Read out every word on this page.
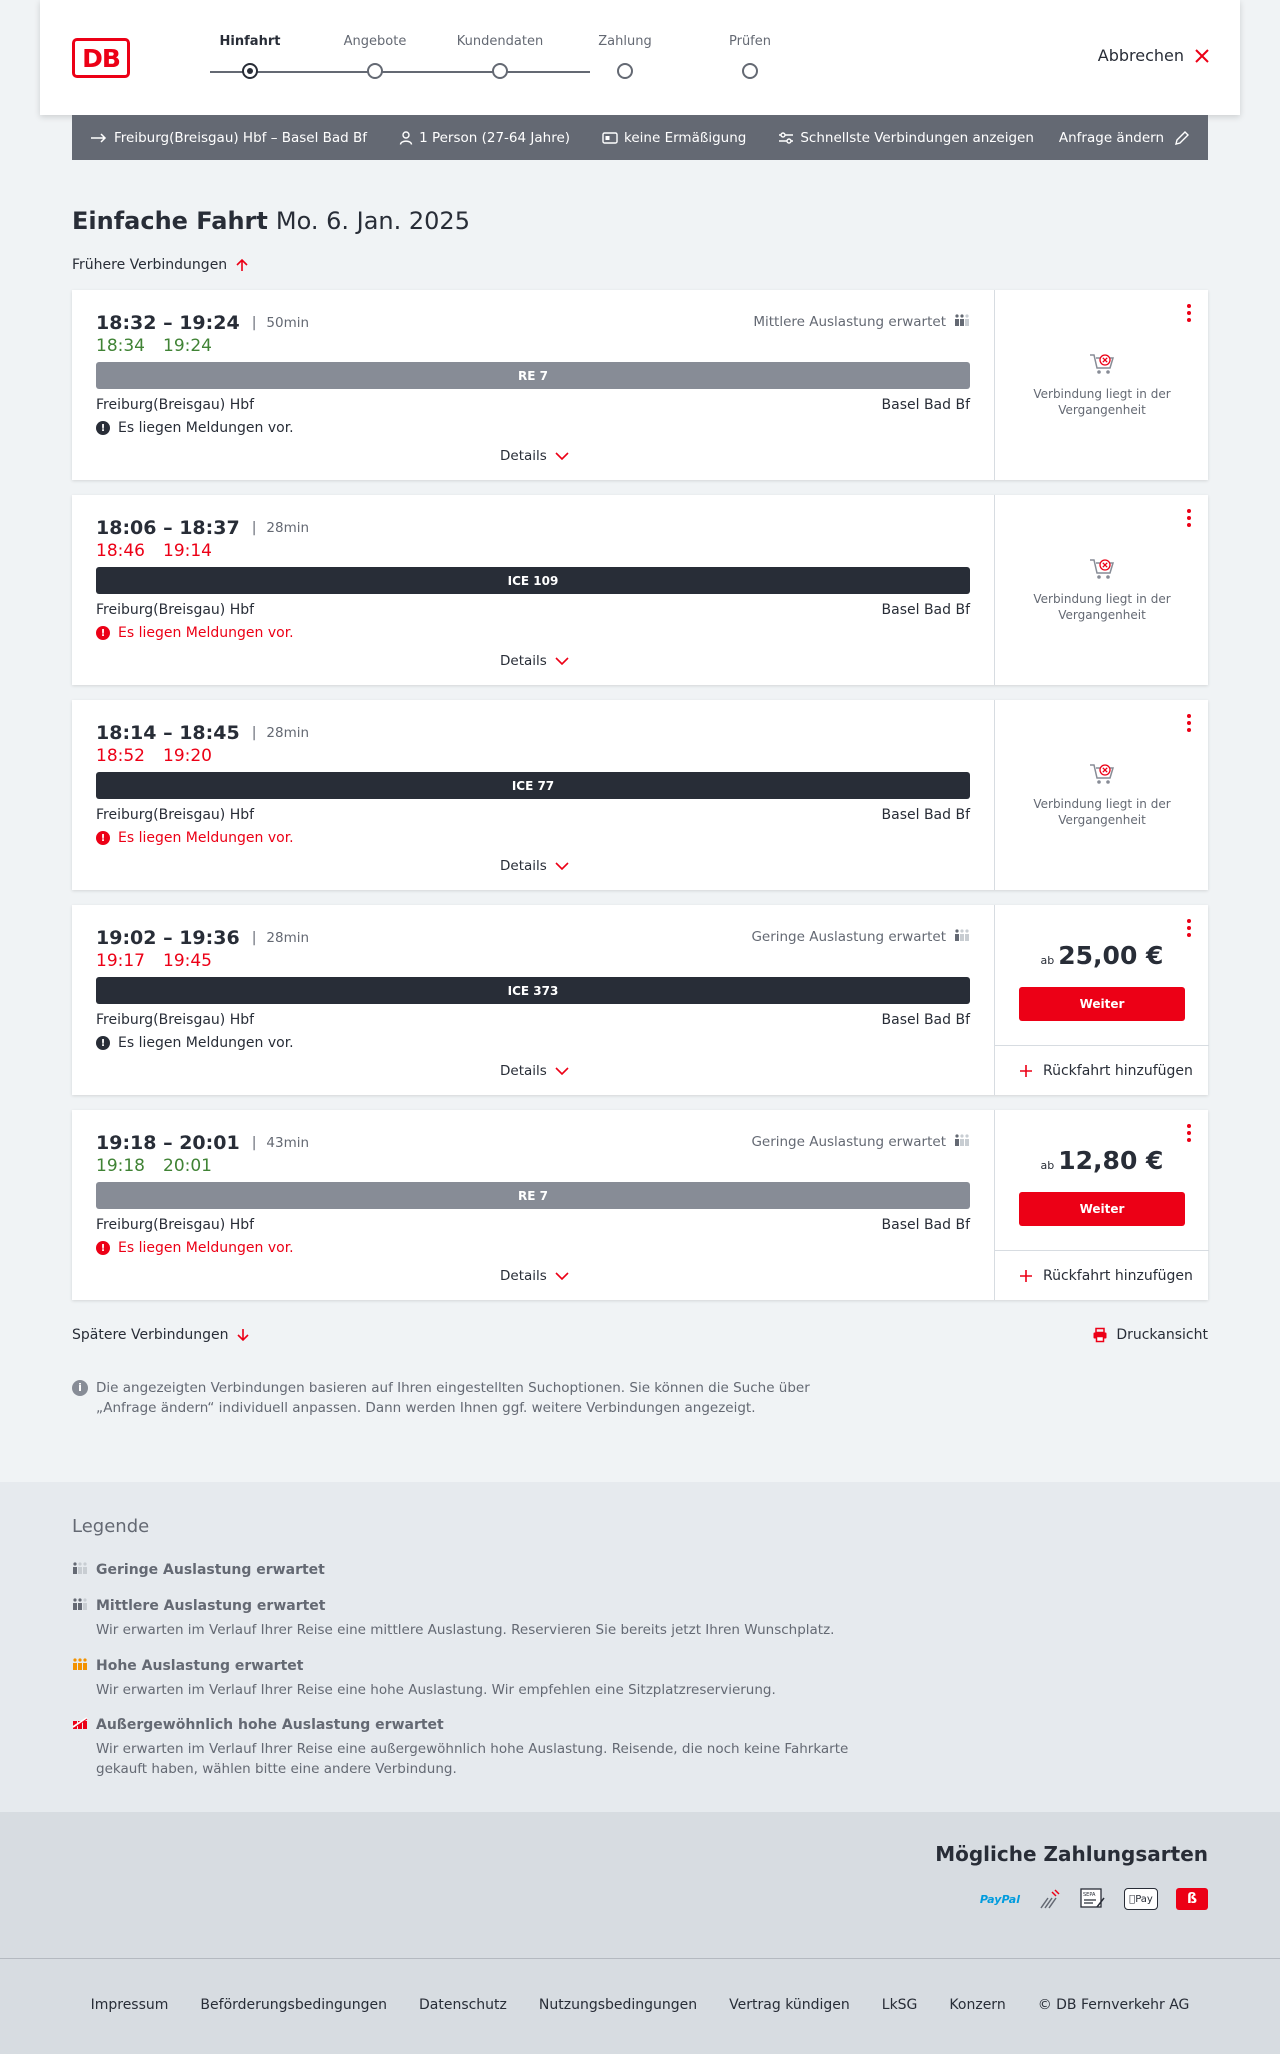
DB
Hinfahrt	Angebote	Kundendaten	Zahlung	Prüfen
Abbrechen
Freiburg(Breisgau) Hbf – Basel Bad Bf	1 Person (27-64 Jahre)	keine Ermäßigung	Schnellste Verbindungen anzeigen Anfrage ändern
Einfache Fahrt Mo. 6. Jan. 2025
Frühere Verbindungen
18:32 – 19:24 | 50min
18:34 19:24
Mittlere Auslastung erwartet
RE 7
Freiburg(Breisgau) Hbf	Basel Bad Bf
! Es liegen Meldungen vor.
Details
Verbindung liegt in der Vergangenheit
18:06 – 18:37 | 28min
18:46 19:14
ICE 109
Freiburg(Breisgau) Hbf	Basel Bad Bf
! Es liegen Meldungen vor.
Details
Verbindung liegt in der Vergangenheit
18:14 – 18:45 | 28min
18:52 19:20
ICE 77
Freiburg(Breisgau) Hbf	Basel Bad Bf
! Es liegen Meldungen vor.
Details
Verbindung liegt in der Vergangenheit
19:02 – 19:36 | 28min
19:17 19:45
Geringe Auslastung erwartet
ICE 373
Freiburg(Breisgau) Hbf	Basel Bad Bf
! Es liegen Meldungen vor.
Details
ab 25,00 €
Weiter
Rückfahrt hinzufügen
19:18 – 20:01 | 43min
19:18 20:01
Geringe Auslastung erwartet
RE 7
Freiburg(Breisgau) Hbf	Basel Bad Bf
! Es liegen Meldungen vor.
Details
ab 12,80 €
Weiter
Rückfahrt hinzufügen
Spätere Verbindungen	Druckansicht
i	Die angezeigten Verbindungen basieren auf Ihren eingestellten Suchoptionen. Sie können die Suche über „Anfrage ändern“ individuell anpassen. Dann werden Ihnen ggf. weitere Verbindungen angezeigt.
Legende
Geringe Auslastung erwartet
Mittlere Auslastung erwartet
Wir erwarten im Verlauf Ihrer Reise eine mittlere Auslastung. Reservieren Sie bereits jetzt Ihren Wunschplatz.
Hohe Auslastung erwartet
Wir erwarten im Verlauf Ihrer Reise eine hohe Auslastung. Wir empfehlen eine Sitzplatzreservierung.
Außergewöhnlich hohe Auslastung erwartet
Wir erwarten im Verlauf Ihrer Reise eine außergewöhnlich hohe Auslastung. Reisende, die noch keine Fahrkarte gekauft haben, wählen bitte eine andere Verbindung.
Mögliche Zahlungsarten
PayPal	SEPA	Pay	ß
Impressum Beförderungsbedingungen Datenschutz Nutzungsbedingungen Vertrag kündigen LkSG Konzern © DB Fernverkehr AG
